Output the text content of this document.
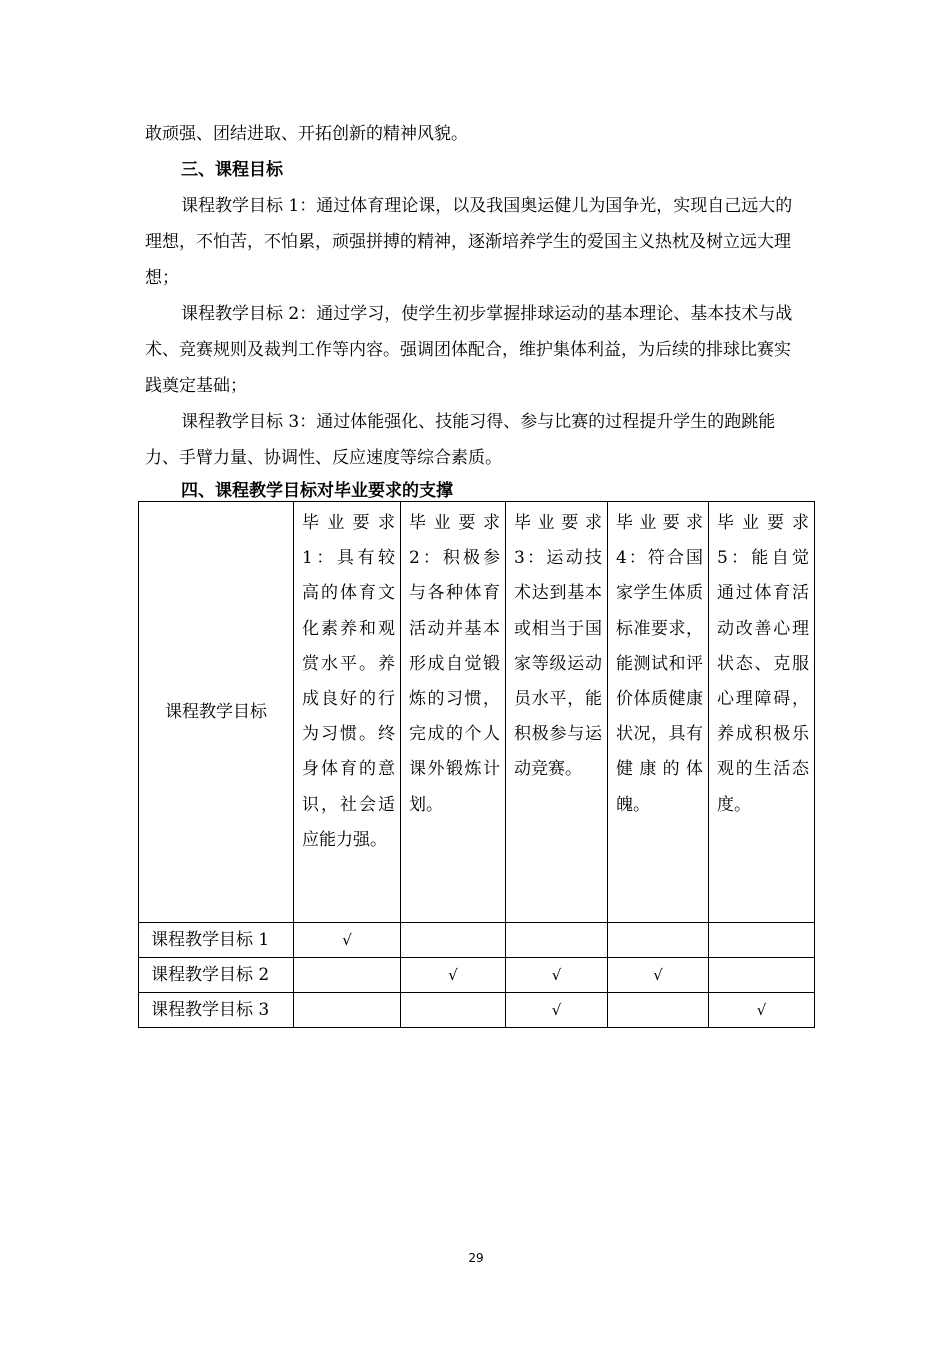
敢顽强、团结进取、开拓创新的精神风貌。

三、课程目标

课程教学目标 1：通过体育理论课，以及我国奥运健儿为国争光，实现自己远大的理想，不怕苦，不怕累，顽强拼搏的精神，逐渐培养学生的爱国主义热枕及树立远大理想；

课程教学目标 2：通过学习，使学生初步掌握排球运动的基本理论、基本技术与战术、竞赛规则及裁判工作等内容。强调团体配合，维护集体利益，为后续的排球比赛实践奠定基础；

课程教学目标 3：通过体能强化、技能习得、参与比赛的过程提升学生的跑跳能力、手臂力量、协调性、反应速度等综合素质。

四、课程教学目标对毕业要求的支撑
课程教学目标	毕业要求1：具有较高的体育文化素养和观赏水平。养成良好的行为习惯。终身体育的意识，社会适应能力强。	毕业要求2：积极参与各种体育活动并基本形成自觉锻炼的习惯，完成的个人课外锻炼计划。	毕业要求3：运动技术达到基本或相当于国家等级运动员水平，能积极参与运动竞赛。	毕业要求4：符合国家学生体质标准要求，能测试和评价体质健康状况，具有健康的体魄。	毕业要求5：能自觉通过体育活动改善心理状态、克服心理障碍，养成积极乐观的生活态度。
课程教学目标 1	√				
课程教学目标 2		√	√	√	
课程教学目标 3			√		√
29
